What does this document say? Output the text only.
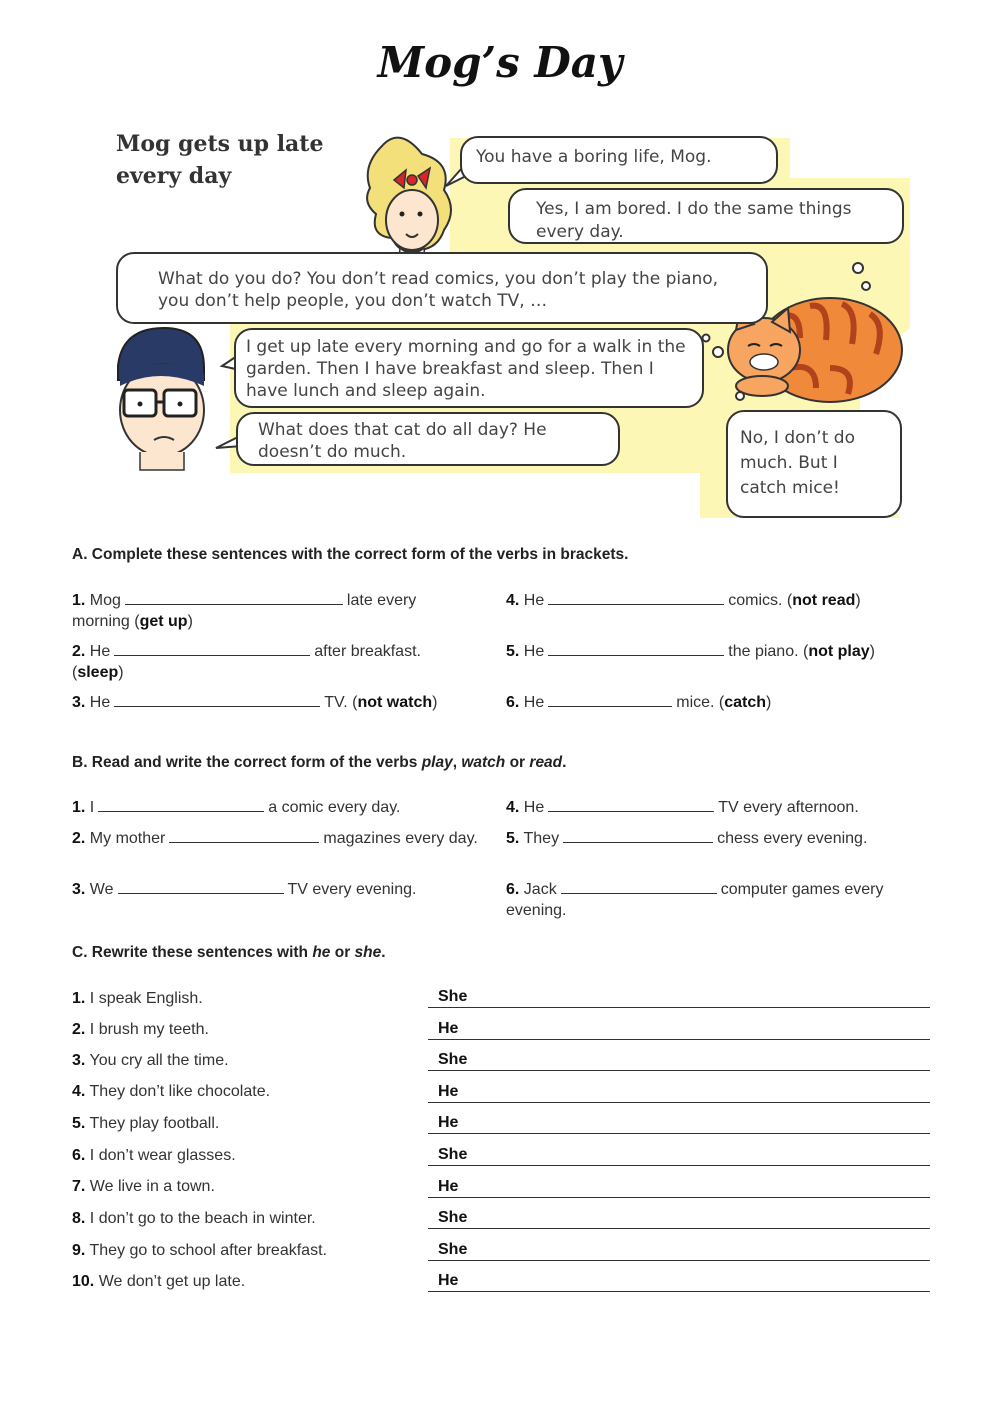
Mog’s Day
Mog gets up late every day
You have a boring life, Mog.
Yes, I am bored. I do the same things every day.
What do you do? You don’t read comics, you don’t play the piano, you don’t help people, you don’t watch TV, …
I get up late every morning and go for a walk in the garden. Then I have breakfast and sleep. Then I have lunch and sleep again.
What does that cat do all day? He doesn’t do much.
No, I don’t do much. But I catch mice!
A. Complete these sentences with the correct form of the verbs in brackets.
1. Mog	late every morning (get up)
2. He	after breakfast. (sleep)
3. He	TV. (not watch)
4. He	comics. (not read)
5. He	the piano. (not play)
6. He	mice. (catch)
B. Read and write the correct form of the verbs play, watch or read.
1. I	a comic every day.
2. My mother	magazines every day.
3. We	TV every evening.
4. He	TV every afternoon.
5. They	chess every evening.
6. Jack	computer games every evening.
C. Rewrite these sentences with he or she.
1. I speak English.	She
2. I brush my teeth.	He
3. You cry all the time.	She
4. They don’t like chocolate.	He
5. They play football.	He
6. I don’t wear glasses.	She
7. We live in a town.	He
8. I don’t go to the beach in winter.	She
9. They go to school after breakfast.	She
10. We don’t get up late.	He
